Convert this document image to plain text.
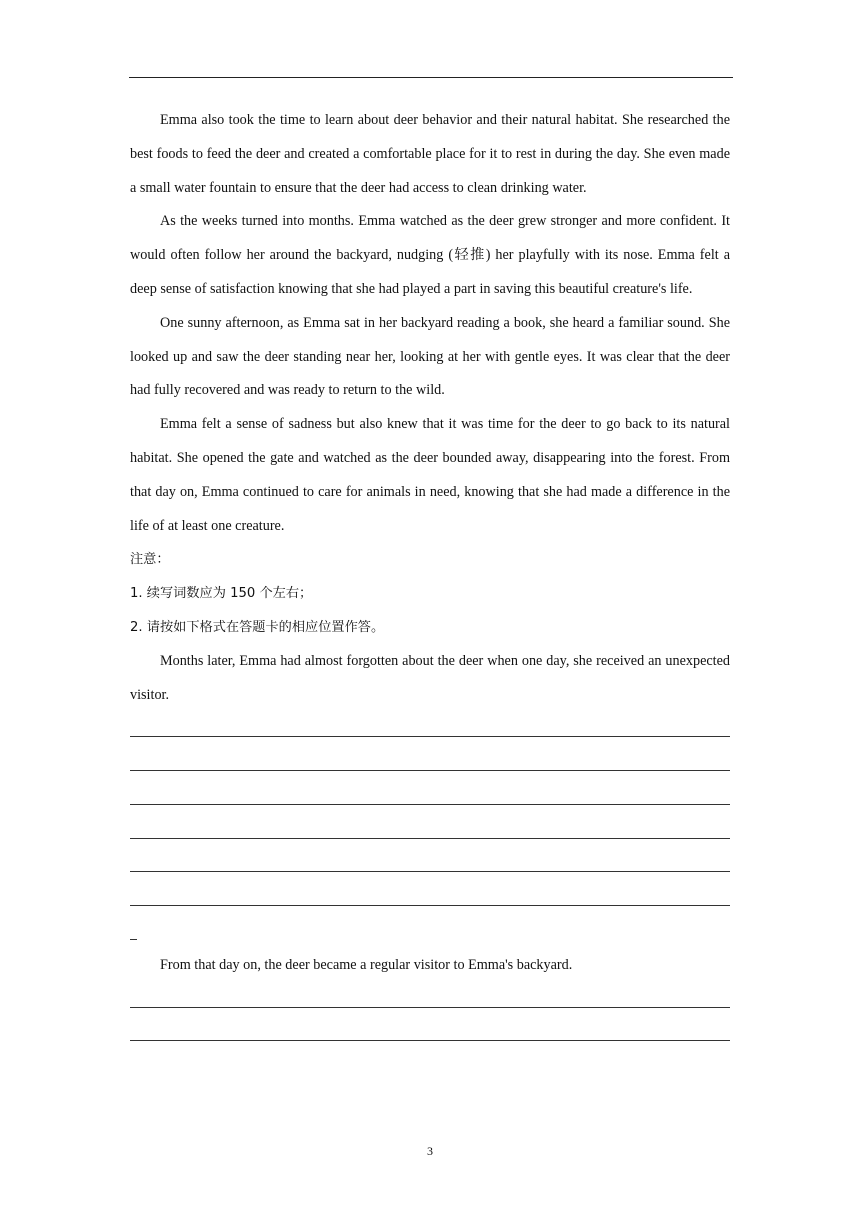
Emma also took the time to learn about deer behavior and their natural habitat. She researched the best foods to feed the deer and created a comfortable place for it to rest in during the day. She even made a small water fountain to ensure that the deer had access to clean drinking water.

As the weeks turned into months. Emma watched as the deer grew stronger and more confident. It would often follow her around the backyard, nudging (轻推) her playfully with its nose. Emma felt a deep sense of satisfaction knowing that she had played a part in saving this beautiful creature's life.

One sunny afternoon, as Emma sat in her backyard reading a book, she heard a familiar sound. She looked up and saw the deer standing near her, looking at her with gentle eyes. It was clear that the deer had fully recovered and was ready to return to the wild.

Emma felt a sense of sadness but also knew that it was time for the deer to go back to its natural habitat. She opened the gate and watched as the deer bounded away, disappearing into the forest. From that day on, Emma continued to care for animals in need, knowing that she had made a difference in the life of at least one creature.

注意：

1. 续写词数应为 150 个左右；

2. 请按如下格式在答题卡的相应位置作答。

Months later, Emma had almost forgotten about the deer when one day, she received an unexpected visitor.

From that day on, the deer became a regular visitor to Emma's backyard.

3
